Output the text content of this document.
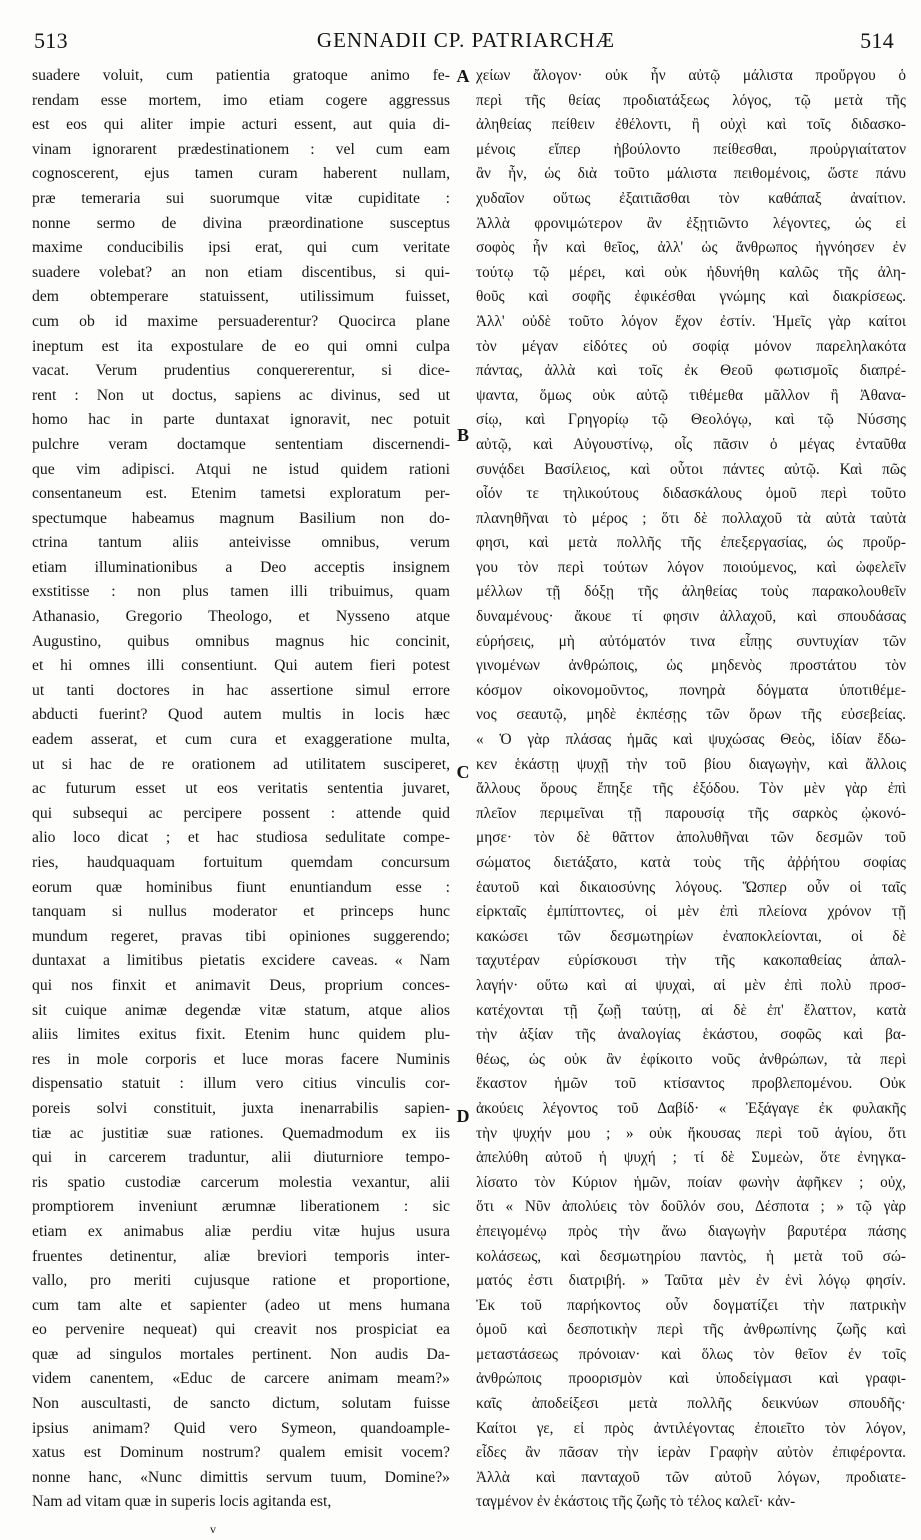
513	GENNADII CP. PATRIARCHÆ	514
suadere voluit, cum patientia gratoque animo fe-
rendam esse mortem, imo etiam cogere aggressus
est eos qui aliter impie acturi essent, aut quia di-
vinam ignorarent prædestinationem : vel cum eam
cognoscerent, ejus tamen curam haberent nullam,
præ temeraria sui suorumque vitæ cupiditate :
nonne sermo de divina præordinatione susceptus
maxime conducibilis ipsi erat, qui cum veritate
suadere volebat? an non etiam discentibus, si qui-
dem obtemperare statuissent, utilissimum fuisset,
cum ob id maxime persuaderentur? Quocirca plane
ineptum est ita expostulare de eo qui omni culpa
vacat. Verum prudentius conquererentur, si dice-
rent : Non ut doctus, sapiens ac divinus, sed ut
homo hac in parte duntaxat ignoravit, nec potuit
pulchre veram doctamque sententiam discernendi-
que vim adipisci. Atqui ne istud quidem rationi
consentaneum est. Etenim tametsi exploratum per-
spectumque habeamus magnum Basilium non do-
ctrina tantum aliis anteivisse omnibus, verum
etiam illuminationibus a Deo acceptis insignem
exstitisse : non plus tamen illi tribuimus, quam
Athanasio, Gregorio Theologo, et Nysseno atque
Augustino, quibus omnibus magnus hic concinit,
et hi omnes illi consentiunt. Qui autem fieri potest
ut tanti doctores in hac assertione simul errore
abducti fuerint? Quod autem multis in locis hæc
eadem asserat, et cum cura et exaggeratione multa,
ut si hac de re orationem ad utilitatem susciperet,
ac futurum esset ut eos veritatis sententia juvaret,
qui subsequi ac percipere possent : attende quid
alio loco dicat ; et hac studiosa sedulitate compe-
ries, haudquaquam fortuitum quemdam concursum
eorum quæ hominibus fiunt enuntiandum esse :
tanquam si nullus moderator et princeps hunc
mundum regeret, pravas tibi opiniones suggerendo;
duntaxat a limitibus pietatis excidere caveas. « Nam
qui nos finxit et animavit Deus, proprium conces-
sit cuique animæ degendæ vitæ statum, atque alios
aliis limites exitus fixit. Etenim hunc quidem plu-
res in mole corporis et luce moras facere Numinis
dispensatio statuit : illum vero citius vinculis cor-
poreis solvi constituit, juxta inenarrabilis sapien-
tiæ ac justitiæ suæ rationes. Quemadmodum ex iis
qui in carcerem traduntur, alii diuturniore tempo-
ris spatio custodiæ carcerum molestia vexantur, alii
promptiorem inveniunt ærumnæ liberationem : sic
etiam ex animabus aliæ perdiu vitæ hujus usura
fruentes detinentur, aliæ breviori temporis inter-
vallo, pro meriti cujusque ratione et proportione,
cum tam alte et sapienter (adeo ut mens humana
eo pervenire nequeat) qui creavit nos prospiciat ea
quæ ad singulos mortales pertinent. Non audis Da-
videm canentem, «Educ de carcere animam meam?»
Non auscultasti, de sancto dictum, solutam fuisse
ipsius animam? Quid vero Symeon, quandoample-
xatus est Dominum nostrum? qualem emisit vocem?
nonne hanc, «Nunc dimittis servum tuum, Domine?»
Nam ad vitam quæ in superis locis agitanda est,
χείων ἄλογον· οὐκ ἦν αὐτῷ μάλιστα προὔργου ὁ
περὶ τῆς θείας προδιατάξεως λόγος, τῷ μετὰ τῆς
ἀληθείας πείθειν ἐθέλοντι, ἢ οὐχὶ καὶ τοῖς διδασκο-
μένοις εἴπερ ἠβούλοντο πείθεσθαι, προὐργιαίτατον
ἂν ἦν, ὡς διὰ τοῦτο μάλιστα πειθομένοις, ὥστε πάνυ
χυδαῖον οὕτως ἐξαιτιᾶσθαι τὸν καθάπαξ ἀναίτιον.
Ἀλλὰ φρονιμώτερον ἂν ἐξῃτιῶντο λέγοντες, ὡς εἰ
σοφὸς ἦν καὶ θεῖος, ἀλλ' ὡς ἄνθρωπος ἠγνόησεν ἐν
τούτῳ τῷ μέρει, καὶ οὐκ ἠδυνήθη καλῶς τῆς ἀλη-
θοῦς καὶ σοφῆς ἐφικέσθαι γνώμης καὶ διακρίσεως.
Ἀλλ' οὐδὲ τοῦτο λόγον ἔχον ἐστίν. Ἡμεῖς γὰρ καίτοι
τὸν μέγαν εἰδότες οὐ σοφίᾳ μόνον παρεληλακότα
πάντας, ἀλλὰ καὶ τοῖς ἐκ Θεοῦ φωτισμοῖς διαπρέ-
ψαντα, ὅμως οὐκ αὐτῷ τιθέμεθα μᾶλλον ἢ Ἀθανα-
σίῳ, καὶ Γρηγορίῳ τῷ Θεολόγῳ, καὶ τῷ Νύσσης
αὐτῷ, καὶ Αὐγουστίνῳ, οἷς πᾶσιν ὁ μέγας ἐνταῦθα
συνᾴδει Βασίλειος, καὶ οὗτοι πάντες αὐτῷ. Καὶ πῶς
οἷόν τε τηλικούτους διδασκάλους ὁμοῦ περὶ τοῦτο
πλανηθῆναι τὸ μέρος ; ὅτι δὲ πολλαχοῦ τὰ αὐτὰ ταὐτὰ
φησι, καὶ μετὰ πολλῆς τῆς ἐπεξεργασίας, ὡς προὔρ-
γου τὸν περὶ τούτων λόγον ποιούμενος, καὶ ὠφελεῖν
μέλλων τῇ δόξῃ τῆς ἀληθείας τοὺς παρακολουθεῖν
δυναμένους· ἄκουε τί φησιν ἀλλαχοῦ, καὶ σπουδάσας
εὑρήσεις, μὴ αὐτόματόν τινα εἶπῃς συντυχίαν τῶν
γινομένων ἀνθρώποις, ὡς μηδενὸς προστάτου τὸν
κόσμον οἰκονομοῦντος, πονηρὰ δόγματα ὑποτιθέμε-
νος σεαυτῷ, μηδὲ ἐκπέσῃς τῶν ὅρων τῆς εὐσεβείας.
« Ὁ γὰρ πλάσας ἡμᾶς καὶ ψυχώσας Θεὸς, ἰδίαν ἔδω-
κεν ἑκάστῃ ψυχῇ τὴν τοῦ βίου διαγωγὴν, καὶ ἄλλοις
ἄλλους ὅρους ἔπηξε τῆς ἐξόδου. Τὸν μὲν γὰρ ἐπὶ
πλεῖον περιμεῖναι τῇ παρουσίᾳ τῆς σαρκὸς ᾠκονό-
μησε· τὸν δὲ θᾶττον ἀπολυθῆναι τῶν δεσμῶν τοῦ
σώματος διετάξατο, κατὰ τοὺς τῆς ἀῤῥήτου σοφίας
ἑαυτοῦ καὶ δικαιοσύνης λόγους. Ὥσπερ οὖν οἱ ταῖς
εἱρκταῖς ἐμπίπτοντες, οἱ μὲν ἐπὶ πλείονα χρόνον τῇ
κακώσει τῶν δεσμωτηρίων ἐναποκλείονται, οἱ δὲ
ταχυτέραν εὑρίσκουσι τὴν τῆς κακοπαθείας ἀπαλ-
λαγήν· οὕτω καὶ αἱ ψυχαὶ, αἱ μὲν ἐπὶ πολὺ προσ-
κατέχονται τῇ ζωῇ ταύτῃ, αἱ δὲ ἐπ' ἔλαττον, κατὰ
τὴν ἀξίαν τῆς ἀναλογίας ἑκάστου, σοφῶς καὶ βα-
θέως, ὡς οὐκ ἂν ἐφίκοιτο νοῦς ἀνθρώπων, τὰ περὶ
ἕκαστον ἡμῶν τοῦ κτίσαντος προβλεπομένου. Οὐκ
ἀκούεις λέγοντος τοῦ Δαβίδ· « Ἐξάγαγε ἐκ φυλακῆς
τὴν ψυχήν μου ; » οὐκ ἤκουσας περὶ τοῦ ἁγίου, ὅτι
ἀπελύθη αὐτοῦ ἡ ψυχή ; τί δὲ Συμεὼν, ὅτε ἐνηγκα-
λίσατο τὸν Κύριον ἡμῶν, ποίαν φωνὴν ἀφῆκεν ; οὐχ,
ὅτι « Νῦν ἀπολύεις τὸν δοῦλόν σου, Δέσποτα ; » τῷ γὰρ
ἐπειγομένῳ πρὸς τὴν ἄνω διαγωγὴν βαρυτέρα πάσης
κολάσεως, καὶ δεσμωτηρίου παντὸς, ἡ μετὰ τοῦ σώ-
ματός ἐστι διατριβή. » Ταῦτα μὲν ἐν ἑνὶ λόγῳ φησίν.
Ἐκ τοῦ παρήκοντος οὖν δογματίζει τὴν πατρικὴν
ὁμοῦ καὶ δεσποτικὴν περὶ τῆς ἀνθρωπίνης ζωῆς καὶ
μεταστάσεως πρόνοιαν· καὶ ὅλως τὸν θεῖον ἐν τοῖς
ἀνθρώποις προορισμὸν καὶ ὑποδείγμασι καὶ γραφι-
καῖς ἀποδείξεσι μετὰ πολλῆς δεικνύων σπουδῆς·
Καίτοι γε, εἰ πρὸς ἀντιλέγοντας ἐποιεῖτο τὸν λόγον,
εἶδες ἂν πᾶσαν τὴν ἱερὰν Γραφὴν αὐτὸν ἐπιφέροντα.
Ἀλλὰ καὶ πανταχοῦ τῶν αὐτοῦ λόγων, προδιατε-
ταγμένον ἐν ἑκάστοις τῆς ζωῆς τὸ τέλος καλεῖ· κἀν-
A
B
C
D
v
